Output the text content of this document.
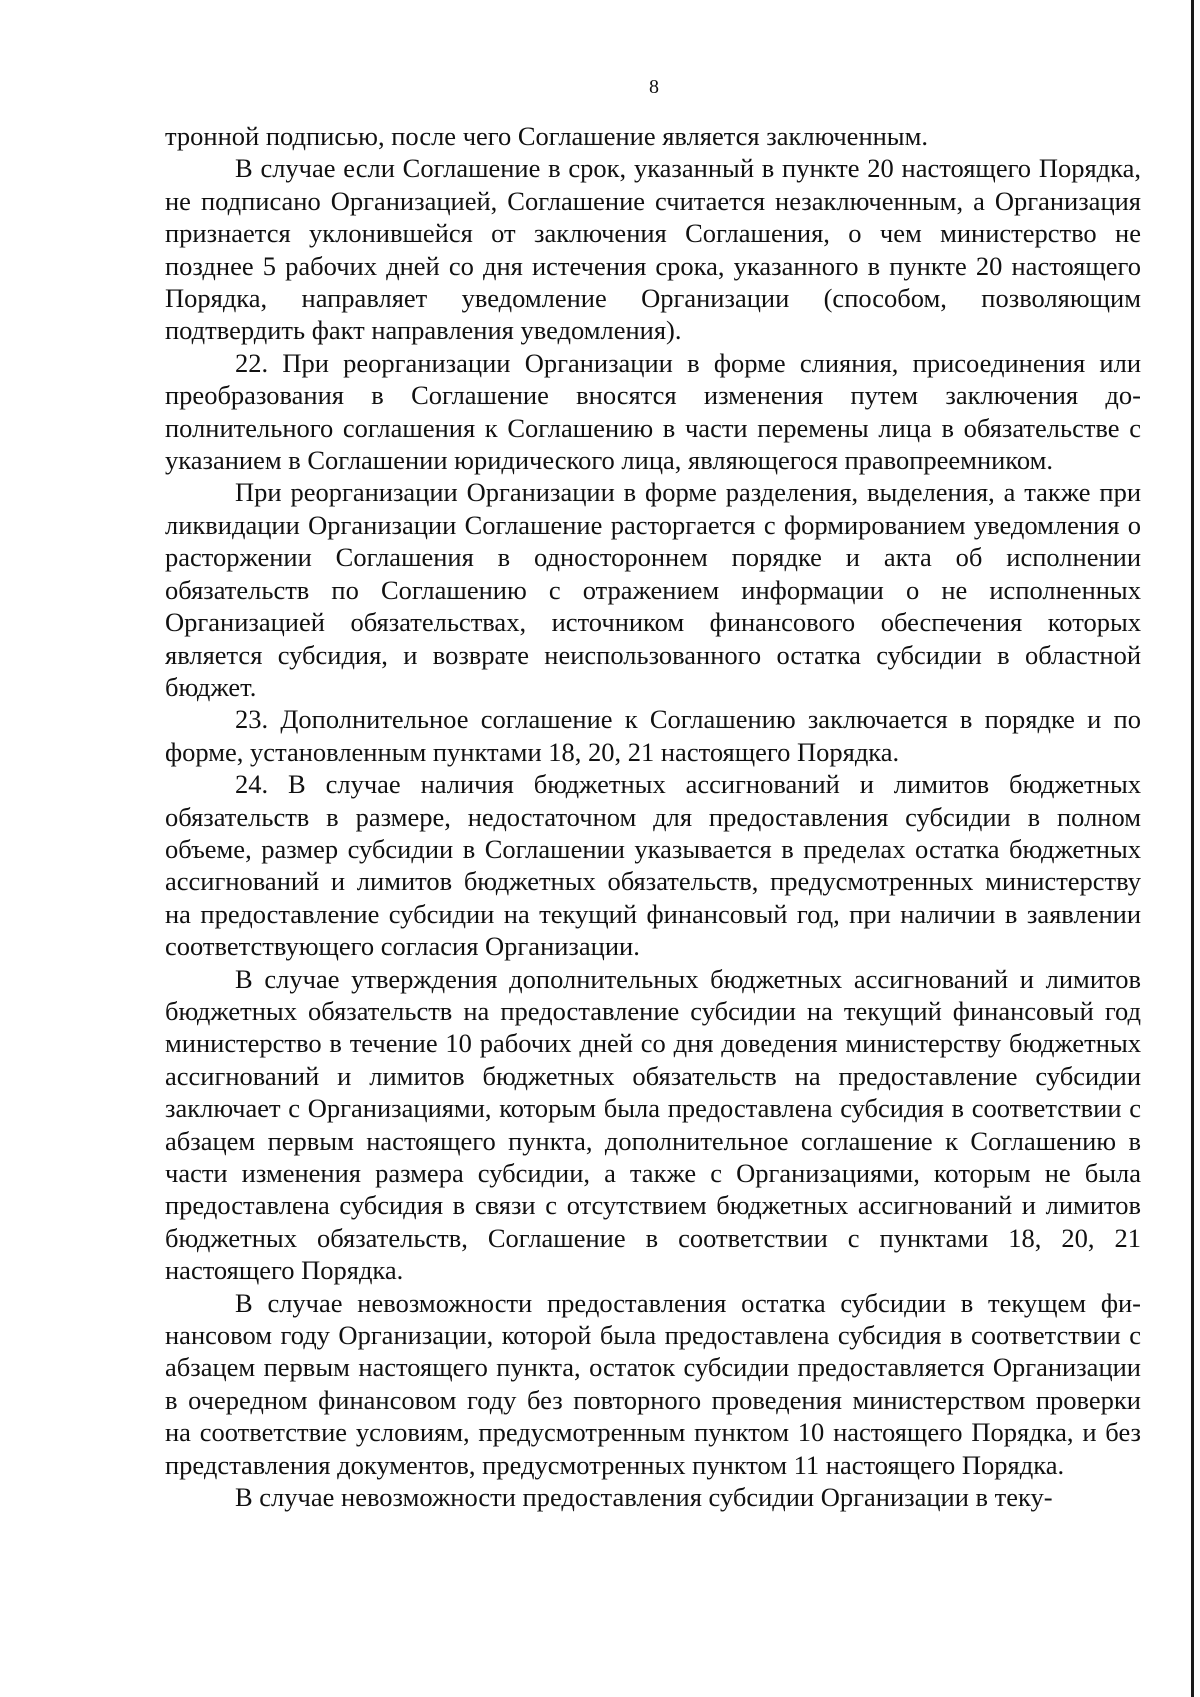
8

тронной подписью, после чего Соглашение является заключенным.

В случае если Соглашение в срок, указанный в пункте 20 настоящего Порядка, не подписано Организацией, Соглашение считается незаключенным, а Организация признается уклонившейся от заключения Соглашения, о чем министерство не позднее 5 рабочих дней со дня истечения срока, указанного в пункте 20 настоящего Порядка, направляет уведомление Организации (способом, позволяющим подтвердить факт направления уведомления).

22. При реорганизации Организации в форме слияния, присоединения или преобразования в Соглашение вносятся изменения путем заключения дополнительного соглашения к Соглашению в части перемены лица в обязательстве с указанием в Соглашении юридического лица, являющегося правопреемником.

При реорганизации Организации в форме разделения, выделения, а также при ликвидации Организации Соглашение расторгается с формированием уведомления о расторжении Соглашения в одностороннем порядке и акта об исполнении обязательств по Соглашению с отражением информации о не исполненных Организацией обязательствах, источником финансового обеспечения которых является субсидия, и возврате неиспользованного остатка субсидии в областной бюджет.

23. Дополнительное соглашение к Соглашению заключается в порядке и по форме, установленным пунктами 18, 20, 21 настоящего Порядка.

24. В случае наличия бюджетных ассигнований и лимитов бюджетных обязательств в размере, недостаточном для предоставления субсидии в полном объеме, размер субсидии в Соглашении указывается в пределах остатка бюджетных ассигнований и лимитов бюджетных обязательств, предусмотренных министерству на предоставление субсидии на текущий финансовый год, при наличии в заявлении соответствующего согласия Организации.

В случае утверждения дополнительных бюджетных ассигнований и лимитов бюджетных обязательств на предоставление субсидии на текущий финансовый год министерство в течение 10 рабочих дней со дня доведения министерству бюджетных ассигнований и лимитов бюджетных обязательств на предоставление субсидии заключает с Организациями, которым была предоставлена субсидия в соответствии с абзацем первым настоящего пункта, дополнительное соглашение к Соглашению в части изменения размера субсидии, а также с Организациями, которым не была предоставлена субсидия в связи с отсутствием бюджетных ассигнований и лимитов бюджетных обязательств, Соглашение в соответствии с пунктами 18, 20, 21 настоящего Порядка.

В случае невозможности предоставления остатка субсидии в текущем финансовом году Организации, которой была предоставлена субсидия в соответствии с абзацем первым настоящего пункта, остаток субсидии предоставляется Организации в очередном финансовом году без повторного проведения министерством проверки на соответствие условиям, предусмотренным пунктом 10 настоящего Порядка, и без представления документов, предусмотренных пунктом 11 настоящего Порядка.

В случае невозможности предоставления субсидии Организации в теку-
